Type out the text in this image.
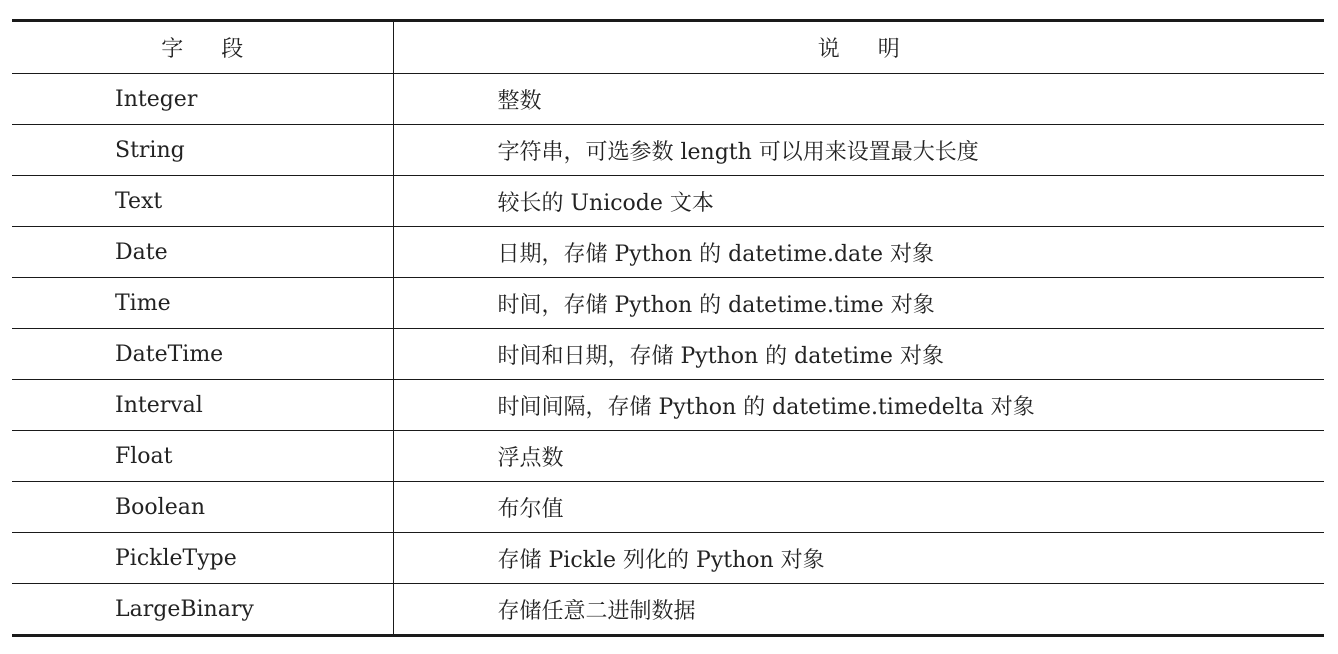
字段	说明
Integer	整数
String	字符串，可选参数 length 可以用来设置最大长度
Text	较长的 Unicode 文本
Date	日期，存储 Python 的 datetime.date 对象
Time	时间，存储 Python 的 datetime.time 对象
DateTime	时间和日期，存储 Python 的 datetime 对象
Interval	时间间隔，存储 Python 的 datetime.timedelta 对象
Float	浮点数
Boolean	布尔值
PickleType	存储 Pickle 列化的 Python 对象
LargeBinary	存储任意二进制数据
